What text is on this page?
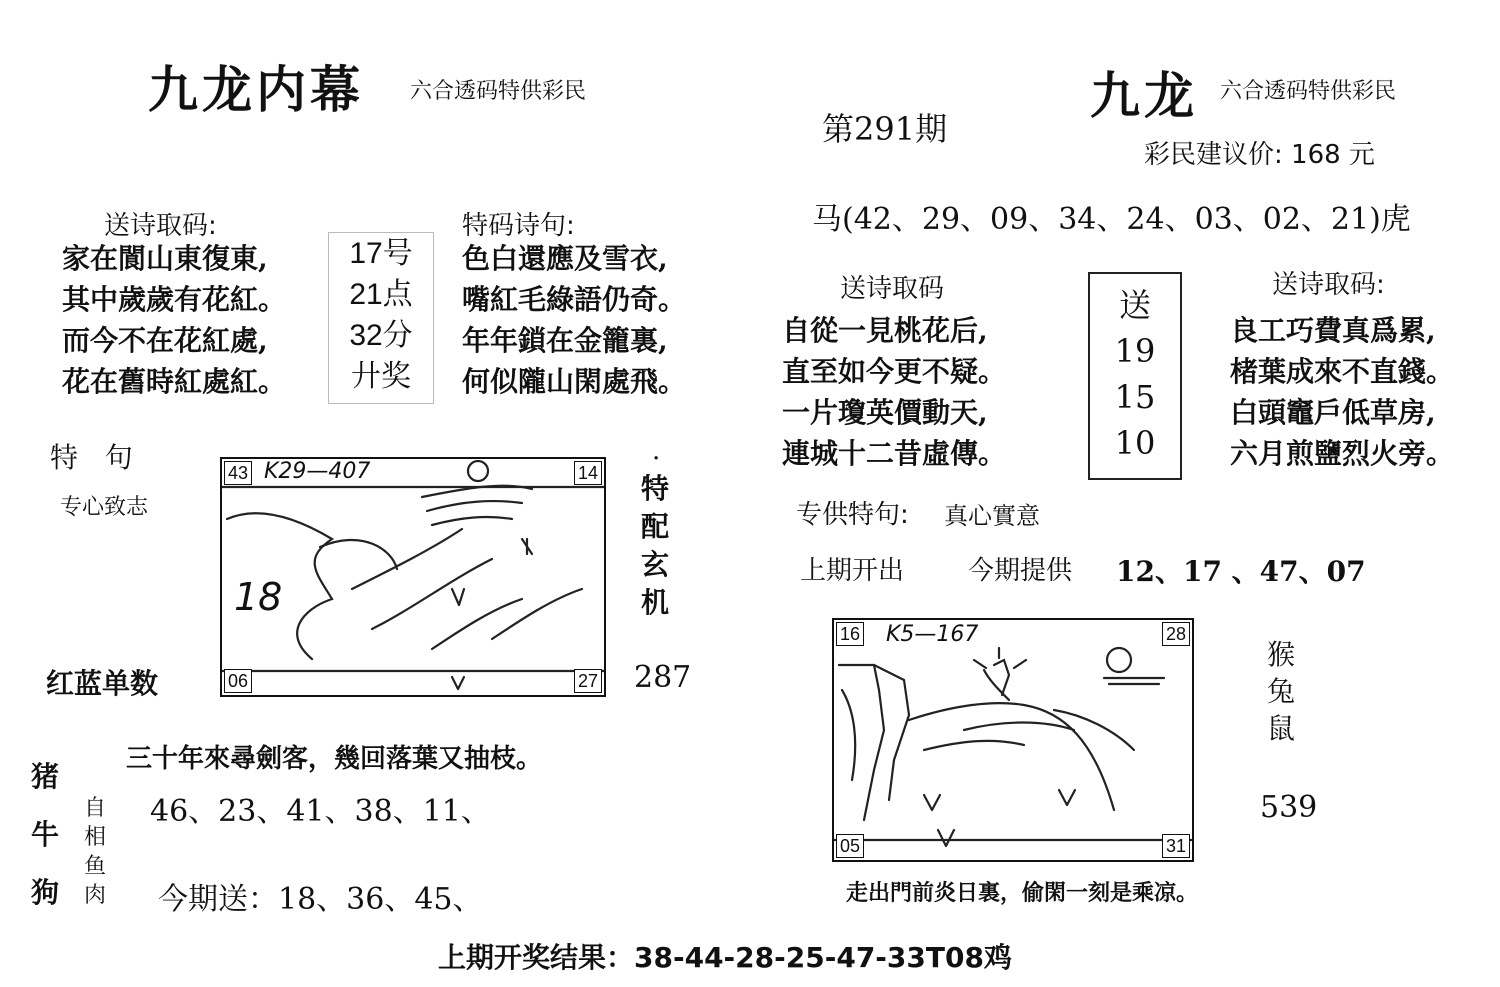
九龙内幕 六合透码特供彩民
送诗取码:
家在閬山東復東,
其中歲歲有花紅。
而今不在花紅處,
花在舊時紅處紅。
17号
21点
32分
廾奖
特码诗句:
色白還應及雪衣,
嘴紅毛綠語仍奇。
年年鎖在金籠裏,
何似隴山閑處飛。
特   句
专心致志
红蓝单数
43	14
06	27
K29—407
18
·
特
配
玄
机
287
猪
牛
狗
自
相
鱼
肉
三十年來尋劍客，幾回落葉又抽枝。
46、23、41、38、11、
今期送：18、36、45、
第291期
九龙 六合透码特供彩民
彩民建议价: 168 元
马(42、29、09、34、24、03、02、21)虎
送诗取码
自從一見桃花后,
直至如今更不疑。
一片瓊英價動天,
連城十二昔虛傳。
送
19
15
10
送诗取码:
良工巧費真爲累,
楮葉成來不直錢。
白頭竈戶低草房,
六月煎鹽烈火旁。
专供特句: 真心實意
上期开出 今期提供 12、17 、47、07
16	28
05	31
K5—167
猴
兔
鼠
539
走出門前炎日裏，偷閑一刻是乘凉。
上期开奖结果：38-44-28-25-47-33T08鸡
